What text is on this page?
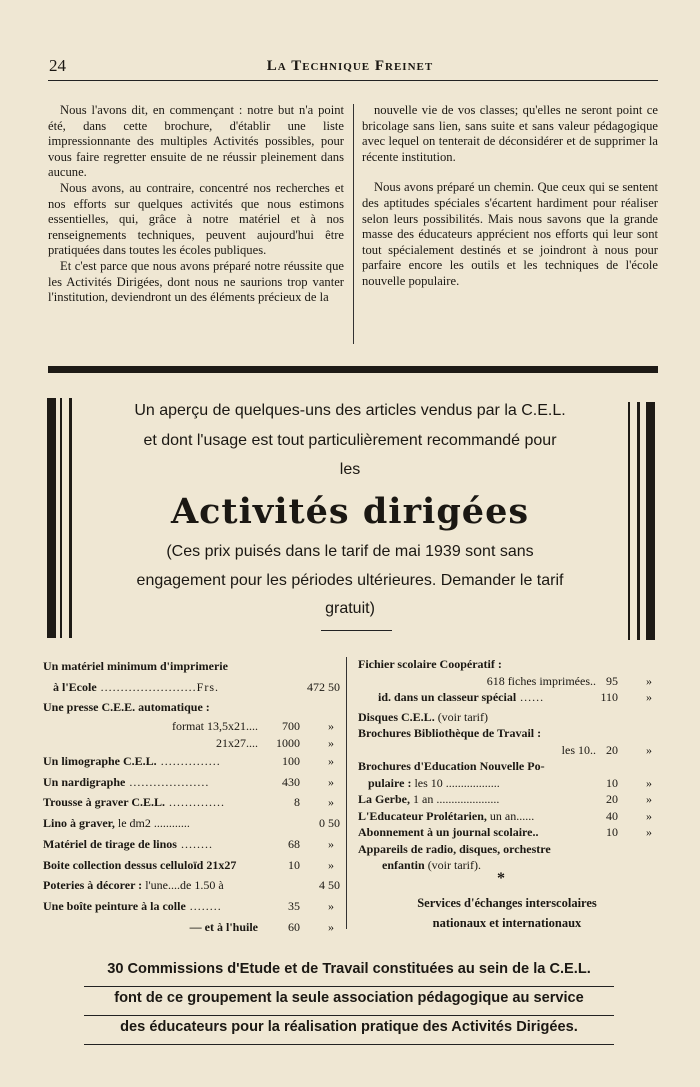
24	La Technique Freinet

Nous l'avons dit, en commençant : notre but n'a point été, dans cette brochure, d'établir une liste impressionnante des multiples Activités possibles, pour vous faire regretter ensuite de ne réussir pleinement dans aucune.

Nous avons, au contraire, concentré nos recherches et nos efforts sur quelques activités que nous estimons essentielles, qui, grâce à notre matériel et à nos renseignements techniques, peuvent aujourd'hui être pratiquées dans toutes les écoles publiques.

Et c'est parce que nous avons préparé notre réussite que les Activités Dirigées, dont nous ne saurions trop vanter l'institution, deviendront un des éléments précieux de la

nouvelle vie de vos classes; qu'elles ne seront point ce bricolage sans lien, sans suite et sans valeur pédagogique avec lequel on tenterait de déconsidérer et de supprimer la récente institution.

Nous avons préparé un chemin. Que ceux qui se sentent des aptitudes spéciales s'écartent hardiment pour réaliser selon leurs possibilités. Mais nous savons que la grande masse des éducateurs apprécient nos efforts qui leur sont tout spécialement destinés et se joindront à nous pour parfaire encore les outils et les techniques de l'école nouvelle populaire.

Un aperçu de quelques-uns des articles vendus par la C.E.L.
et dont l'usage est tout particulièrement recommandé pour
les
Activités dirigées
(Ces prix puisés dans le tarif de mai 1939 sont sans
engagement pour les périodes ultérieures. Demander le tarif
gratuit)
Un matériel minimum d'imprimerie
à l'Ecole ........................Frs.	472 50
Une presse C.E.E. automatique :
format 13,5x21.... 700 »
21x27.... 1000 »
Un limographe C.E.L. ...............	100 »
Un nardigraphe ....................	430 »
Trousse à graver C.E.L. ..............	8 »
Lino à graver, le dm2 ............	0 50
Matériel de tirage de linos ........	68 »
Boite collection dessus celluloïd 21x27	10 »
Poteries à décorer : l'une....de 1.50 à	4 50
Une boîte peinture à la colle ........	35 »
— et à l'huile	60 »
Fichier scolaire Coopératif :
618 fiches imprimées.. 95 »
id. dans un classeur spécial ......	110 »
Disques C.E.L. (voir tarif)
Brochures Bibliothèque de Travail :
les 10.. 20 »
Brochures d'Education Nouvelle Po-
pulaire : les 10 ..................	10 »
La Gerbe, 1 an .....................	20 »
L'Educateur Prolétarien, un an......	40 »
Abonnement à un journal scolaire..	10 »
Appareils de radio, disques, orchestre
enfantin (voir tarif).
*
Services d'échanges interscolaires
nationaux et internationaux
30 Commissions d'Etude et de Travail constituées au sein de la C.E.L.
font de ce groupement la seule association pédagogique au service
des éducateurs pour la réalisation pratique des Activités Dirigées.
